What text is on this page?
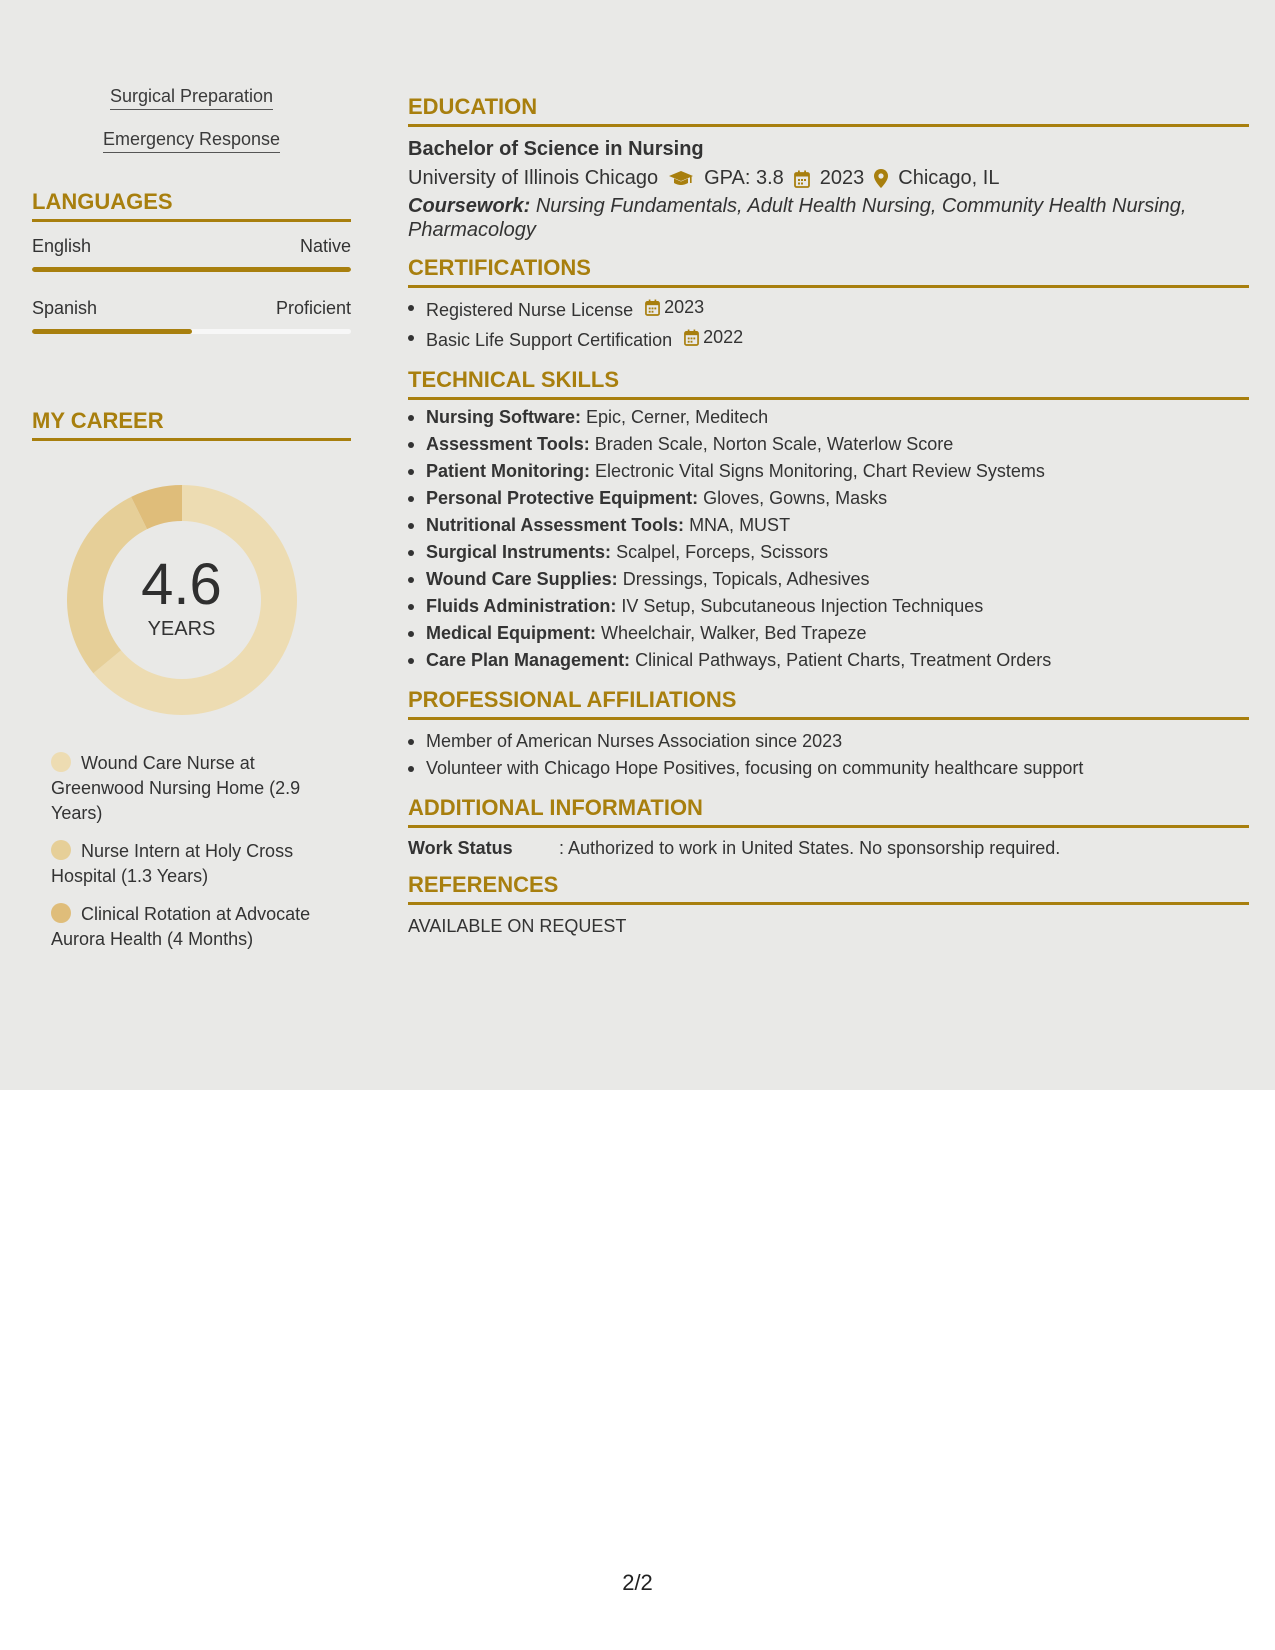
Surgical Preparation
Emergency Response
LANGUAGES
English	Native
Spanish	Proficient
MY CAREER
4.6
YEARS
Wound Care Nurse at Greenwood Nursing Home (2.9 Years)
Nurse Intern at Holy Cross Hospital (1.3 Years)
Clinical Rotation at Advocate Aurora Health (4 Months)
EDUCATION
Bachelor of Science in Nursing
University of Illinois Chicago GPA: 3.8 2023 Chicago, IL
Coursework: Nursing Fundamentals, Adult Health Nursing, Community Health Nursing, Pharmacology
CERTIFICATIONS
Registered Nurse License 2023
Basic Life Support Certification 2022
TECHNICAL SKILLS
Nursing Software: Epic, Cerner, Meditech
Assessment Tools: Braden Scale, Norton Scale, Waterlow Score
Patient Monitoring: Electronic Vital Signs Monitoring, Chart Review Systems
Personal Protective Equipment: Gloves, Gowns, Masks
Nutritional Assessment Tools: MNA, MUST
Surgical Instruments: Scalpel, Forceps, Scissors
Wound Care Supplies: Dressings, Topicals, Adhesives
Fluids Administration: IV Setup, Subcutaneous Injection Techniques
Medical Equipment: Wheelchair, Walker, Bed Trapeze
Care Plan Management: Clinical Pathways, Patient Charts, Treatment Orders
PROFESSIONAL AFFILIATIONS
Member of American Nurses Association since 2023
Volunteer with Chicago Hope Positives, focusing on community healthcare support
ADDITIONAL INFORMATION
Work Status	: Authorized to work in United States. No sponsorship required.
REFERENCES
AVAILABLE ON REQUEST
2/2
